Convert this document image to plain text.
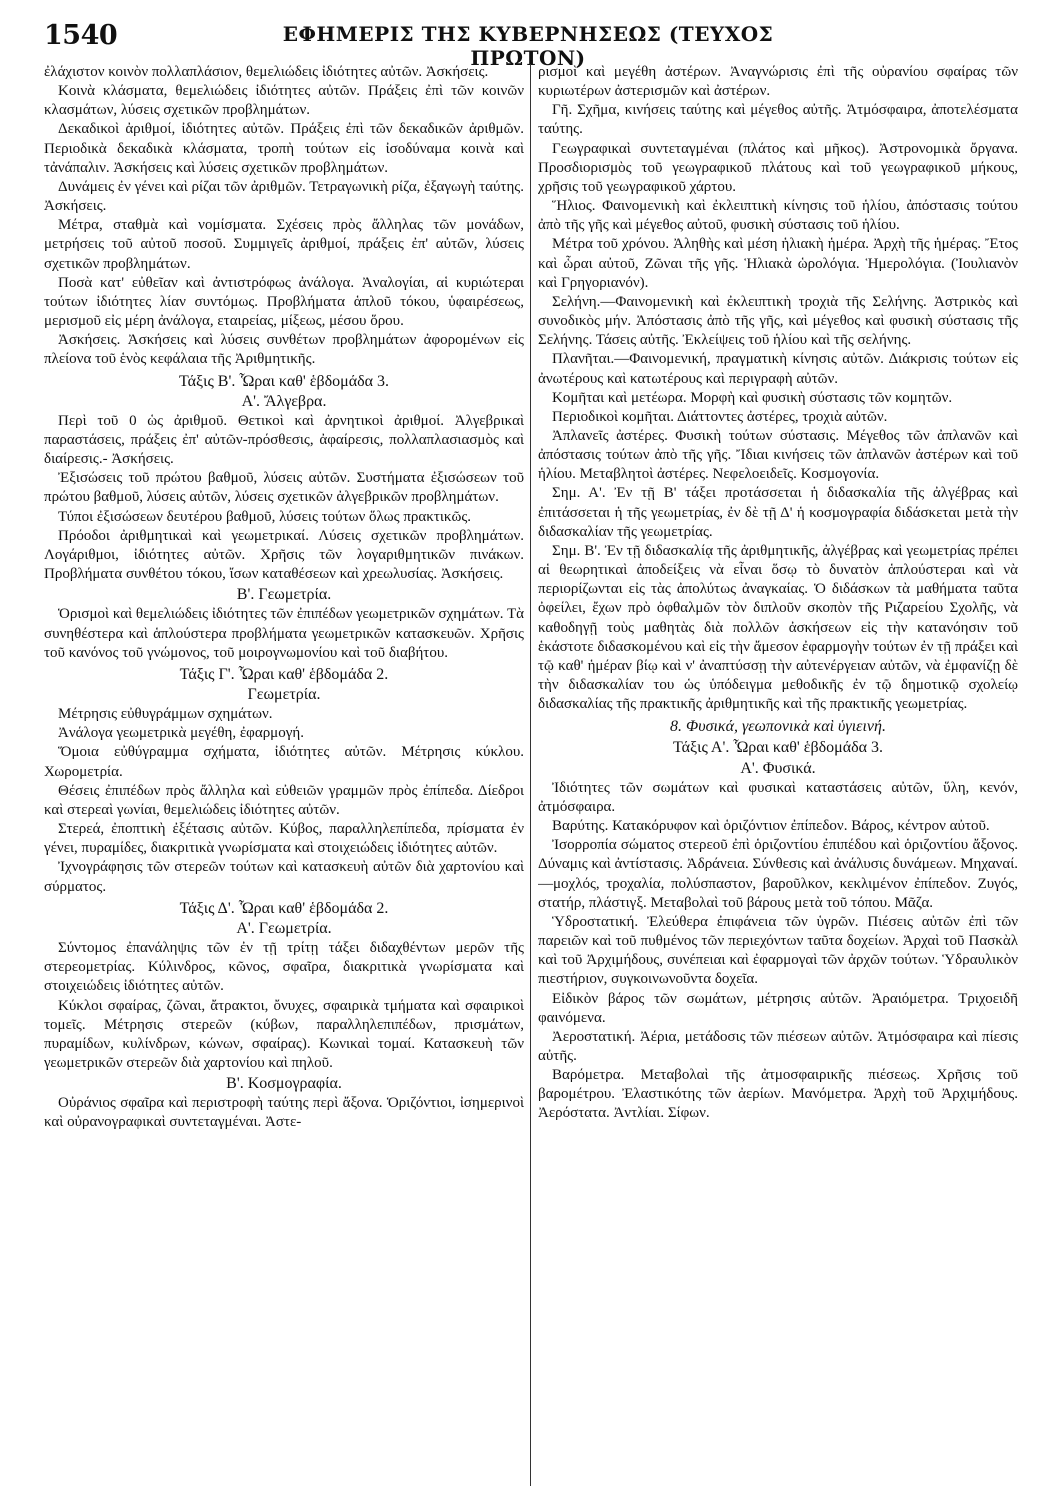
1540	ΕΦΗΜΕΡΙΣ ΤΗΣ ΚΥΒΕΡΝΗΣΕΩΣ (ΤΕΥΧΟΣ ΠΡΩΤΟΝ)

ἐλάχιστον κοινὸν πολλαπλάσιον, θεμελιώδεις ἰδιότητες αὐτῶν. Ἀσκήσεις.

Κοινὰ κλάσματα, θεμελιώδεις ἰδιότητες αὐτῶν. Πράξεις ἐπὶ τῶν κοινῶν κλασμάτων, λύσεις σχετικῶν προβλημάτων.

Δεκαδικοὶ ἀριθμοί, ἰδιότητες αὐτῶν. Πράξεις ἐπὶ τῶν δεκαδικῶν ἀριθμῶν. Περιοδικὰ δεκαδικὰ κλάσματα, τροπὴ τούτων εἰς ἰσοδύναμα κοινὰ καὶ τἀνάπαλιν. Ἀσκήσεις καὶ λύσεις σχετικῶν προβλημάτων.

Δυνάμεις ἐν γένει καὶ ρίζαι τῶν ἀριθμῶν. Τετραγωνικὴ ρίζα, ἐξαγωγὴ ταύτης. Ἀσκήσεις.

Μέτρα, σταθμὰ καὶ νομίσματα. Σχέσεις πρὸς ἄλληλας τῶν μονάδων, μετρήσεις τοῦ αὐτοῦ ποσοῦ. Συμμιγεῖς ἀριθμοί, πράξεις ἐπ' αὐτῶν, λύσεις σχετικῶν προβλημάτων.

Ποσὰ κατ' εὐθεῖαν καὶ ἀντιστρόφως ἀνάλογα. Ἀναλογίαι, αἱ κυριώτεραι τούτων ἰδιότητες λίαν συντόμως. Προβλήματα ἁπλοῦ τόκου, ὑφαιρέσεως, μερισμοῦ εἰς μέρη ἀνάλογα, εταιρείας, μίξεως, μέσου ὅρου.

Ἀσκήσεις. Ἀσκήσεις καὶ λύσεις συνθέτων προβλημάτων ἀφορομένων εἰς πλείονα τοῦ ἑνὸς κεφάλαια τῆς Ἀριθμητικῆς.

Τάξις Β'. Ὧραι καθ' ἑβδομάδα 3.
Α'. Ἄλγεβρα.

Περὶ τοῦ 0 ὡς ἀριθμοῦ. Θετικοὶ καὶ ἀρνητικοὶ ἀριθμοί. Ἀλγεβρικαὶ παραστάσεις, πράξεις ἐπ' αὐτῶν-πρόσθεσις, ἀφαίρεσις, πολλαπλασιασμὸς καὶ διαίρεσις.- Ἀσκήσεις.

Ἐξισώσεις τοῦ πρώτου βαθμοῦ, λύσεις αὐτῶν. Συστήματα ἐξισώσεων τοῦ πρώτου βαθμοῦ, λύσεις αὐτῶν, λύσεις σχετικῶν ἀλγεβρικῶν προβλημάτων.

Τύποι ἐξισώσεων δευτέρου βαθμοῦ, λύσεις τούτων ὅλως πρακτικῶς.

Πρόοδοι ἀριθμητικαὶ καὶ γεωμετρικαί. Λύσεις σχετικῶν προβλημάτων. Λογάριθμοι, ἰδιότητες αὐτῶν. Χρῆσις τῶν λογαριθμητικῶν πινάκων. Προβλήματα συνθέτου τόκου, ἴσων καταθέσεων καὶ χρεωλυσίας. Ἀσκήσεις.

Β'. Γεωμετρία.

Ὁρισμοὶ καὶ θεμελιώδεις ἰδιότητες τῶν ἐπιπέδων γεωμετρικῶν σχημάτων. Τὰ συνηθέστερα καὶ ἁπλούστερα προβλήματα γεωμετρικῶν κατασκευῶν. Χρῆσις τοῦ κανόνος τοῦ γνώμονος, τοῦ μοιρογνωμονίου καὶ τοῦ διαβήτου.

Τάξις Γ'. Ὧραι καθ' ἑβδομάδα 2.
Γεωμετρία.

Μέτρησις εὐθυγράμμων σχημάτων.

Ἀνάλογα γεωμετρικὰ μεγέθη, ἐφαρμογή.

Ὅμοια εὐθύγραμμα σχήματα, ἰδιότητες αὐτῶν. Μέτρησις κύκλου. Χωρομετρία.

Θέσεις ἐπιπέδων πρὸς ἄλληλα καὶ εὐθειῶν γραμμῶν πρὸς ἐπίπεδα. Δίεδροι καὶ στερεαὶ γωνίαι, θεμελιώδεις ἰδιότητες αὐτῶν.

Στερεά, ἐποπτικὴ ἐξέτασις αὐτῶν. Κύβος, παραλληλεπίπεδα, πρίσματα ἐν γένει, πυραμίδες, διακριτικὰ γνωρίσματα καὶ στοιχειώδεις ἰδιότητες αὐτῶν.

Ἰχνογράφησις τῶν στερεῶν τούτων καὶ κατασκευὴ αὐτῶν διὰ χαρτονίου καὶ σύρματος.

Τάξις Δ'. Ὧραι καθ' ἑβδομάδα 2.
Α'. Γεωμετρία.

Σύντομος ἐπανάληψις τῶν ἐν τῇ τρίτῃ τάξει διδαχθέντων μερῶν τῆς στερεομετρίας. Κύλινδρος, κῶνος, σφαῖρα, διακριτικὰ γνωρίσματα καὶ στοιχειώδεις ἰδιότητες αὐτῶν.

Κύκλοι σφαίρας, ζῶναι, ἄτρακτοι, ὄνυχες, σφαιρικὰ τμήματα καὶ σφαιρικοὶ τομεῖς. Μέτρησις στερεῶν (κύβων, παραλληλεπιπέδων, πρισμάτων, πυραμίδων, κυλίνδρων, κώνων, σφαίρας). Κωνικαὶ τομαί. Κατασκευὴ τῶν γεωμετρικῶν στερεῶν διὰ χαρτονίου καὶ πηλοῦ.

Β'. Κοσμογραφία.

Οὐράνιος σφαῖρα καὶ περιστροφὴ ταύτης περὶ ἄξονα. Ὁριζόντιοι, ἰσημερινοὶ καὶ οὐρανογραφικαὶ συντεταγμέναι. Ἀστε-

ρισμοὶ καὶ μεγέθη ἀστέρων. Ἀναγνώρισις ἐπὶ τῆς οὐρανίου σφαίρας τῶν κυριωτέρων ἀστερισμῶν καὶ ἀστέρων.

Γῆ. Σχῆμα, κινήσεις ταύτης καὶ μέγεθος αὐτῆς. Ἀτμόσφαιρα, ἀποτελέσματα ταύτης.

Γεωγραφικαὶ συντεταγμέναι (πλάτος καὶ μῆκος). Ἀστρονομικὰ ὄργανα. Προσδιορισμὸς τοῦ γεωγραφικοῦ πλάτους καὶ τοῦ γεωγραφικοῦ μήκους, χρῆσις τοῦ γεωγραφικοῦ χάρτου.

Ἥλιος. Φαινομενικὴ καὶ ἐκλειπτικὴ κίνησις τοῦ ἡλίου, ἀπόστασις τούτου ἀπὸ τῆς γῆς καὶ μέγεθος αὐτοῦ, φυσικὴ σύστασις τοῦ ἡλίου.

Μέτρα τοῦ χρόνου. Ἀληθὴς καὶ μέση ἡλιακὴ ἡμέρα. Ἀρχὴ τῆς ἡμέρας. Ἔτος καὶ ὧραι αὐτοῦ, Ζῶναι τῆς γῆς. Ἡλιακὰ ὡρολόγια. Ἡμερολόγια. (Ἰουλιανὸν καὶ Γρηγοριανόν).

Σελήνη.—Φαινομενικὴ καὶ ἐκλειπτικὴ τροχιὰ τῆς Σελήνης. Ἀστρικὸς καὶ συνοδικὸς μήν. Ἀπόστασις ἀπὸ τῆς γῆς, καὶ μέγεθος καὶ φυσικὴ σύστασις τῆς Σελήνης. Τάσεις αὐτῆς. Ἐκλείψεις τοῦ ἡλίου καὶ τῆς σελήνης.

Πλανῆται.—Φαινομενική, πραγματικὴ κίνησις αὐτῶν. Διάκρισις τούτων εἰς ἀνωτέρους καὶ κατωτέρους καὶ περιγραφὴ αὐτῶν.

Κομῆται καὶ μετέωρα. Μορφὴ καὶ φυσικὴ σύστασις τῶν κομητῶν.

Περιοδικοὶ κομῆται. Διάττοντες ἀστέρες, τροχιὰ αὐτῶν.

Ἀπλανεῖς ἀστέρες. Φυσικὴ τούτων σύστασις. Μέγεθος τῶν ἀπλανῶν καὶ ἀπόστασις τούτων ἀπὸ τῆς γῆς. Ἴδιαι κινήσεις τῶν ἀπλανῶν ἀστέρων καὶ τοῦ ἡλίου. Μεταβλητοὶ ἀστέρες. Νεφελοειδεῖς. Κοσμογονία.

Σημ. Α'. Ἐν τῇ Β' τάξει προτάσσεται ἡ διδασκαλία τῆς ἀλγέβρας καὶ ἐπιτάσσεται ἡ τῆς γεωμετρίας, ἐν δὲ τῇ Δ' ἡ κοσμογραφία διδάσκεται μετὰ τὴν διδασκαλίαν τῆς γεωμετρίας.

Σημ. Β'. Ἐν τῇ διδασκαλίᾳ τῆς ἀριθμητικῆς, ἀλγέβρας καὶ γεωμετρίας πρέπει αἱ θεωρητικαὶ ἀποδείξεις νὰ εἶναι ὅσῳ τὸ δυνατὸν ἁπλούστεραι καὶ νὰ περιορίζωνται εἰς τὰς ἀπολύτως ἀναγκαίας. Ὁ διδάσκων τὰ μαθήματα ταῦτα ὀφείλει, ἔχων πρὸ ὀφθαλμῶν τὸν διπλοῦν σκοπὸν τῆς Ριζαρείου Σχολῆς, νὰ καθοδηγῇ τοὺς μαθητὰς διὰ πολλῶν ἀσκήσεων εἰς τὴν κατανόησιν τοῦ ἑκάστοτε διδασκομένου καὶ εἰς τὴν ἄμεσον ἐφαρμογὴν τούτων ἐν τῇ πράξει καὶ τῷ καθ' ἡμέραν βίῳ καὶ ν' ἀναπτύσσῃ τὴν αὐτενέργειαν αὐτῶν, νὰ ἐμφανίζῃ δὲ τὴν διδασκαλίαν του ὡς ὑπόδειγμα μεθοδικῆς ἐν τῷ δημοτικῷ σχολείῳ διδασκαλίας τῆς πρακτικῆς ἀριθμητικῆς καὶ τῆς πρακτικῆς γεωμετρίας.

8. Φυσικά, γεωπονικὰ καὶ ὑγιεινή.
Τάξις Α'. Ὧραι καθ' ἑβδομάδα 3.
Α'. Φυσικά.

Ἰδιότητες τῶν σωμάτων καὶ φυσικαὶ καταστάσεις αὐτῶν, ὕλη, κενόν, ἀτμόσφαιρα.

Βαρύτης. Κατακόρυφον καὶ ὁριζόντιον ἐπίπεδον. Βάρος, κέντρον αὐτοῦ.

Ἰσορροπία σώματος στερεοῦ ἐπὶ ὁριζοντίου ἐπιπέδου καὶ ὁριζοντίου ἄξονος. Δύναμις καὶ ἀντίστασις. Ἀδράνεια. Σύνθεσις καὶ ἀνάλυσις δυνάμεων. Μηχαναί.—μοχλός, τροχαλία, πολύσπαστον, βαροῦλκον, κεκλιμένον ἐπίπεδον. Ζυγός, στατήρ, πλάστιγξ. Μεταβολαὶ τοῦ βάρους μετὰ τοῦ τόπου. Μᾶζα.

Ὑδροστατική. Ἐλεύθερα ἐπιφάνεια τῶν ὑγρῶν. Πιέσεις αὐτῶν ἐπὶ τῶν παρειῶν καὶ τοῦ πυθμένος τῶν περιεχόντων ταῦτα δοχείων. Ἀρχαὶ τοῦ Πασκὰλ καὶ τοῦ Ἀρχιμήδους, συνέπειαι καὶ ἐφαρμογαὶ τῶν ἀρχῶν τούτων. Ὑδραυλικὸν πιεστήριον, συγκοινωνοῦντα δοχεῖα.

Εἰδικὸν βάρος τῶν σωμάτων, μέτρησις αὐτῶν. Ἀραιόμετρα. Τριχοειδῆ φαινόμενα.

Ἀεροστατική. Ἀέρια, μετάδοσις τῶν πιέσεων αὐτῶν. Ἀτμόσφαιρα καὶ πίεσις αὐτῆς.

Βαρόμετρα. Μεταβολαὶ τῆς ἀτμοσφαιρικῆς πιέσεως. Χρῆσις τοῦ βαρομέτρου. Ἐλαστικότης τῶν ἀερίων. Μανόμετρα. Ἀρχὴ τοῦ Ἀρχιμήδους. Ἀερόστατα. Ἀντλίαι. Σίφων.
